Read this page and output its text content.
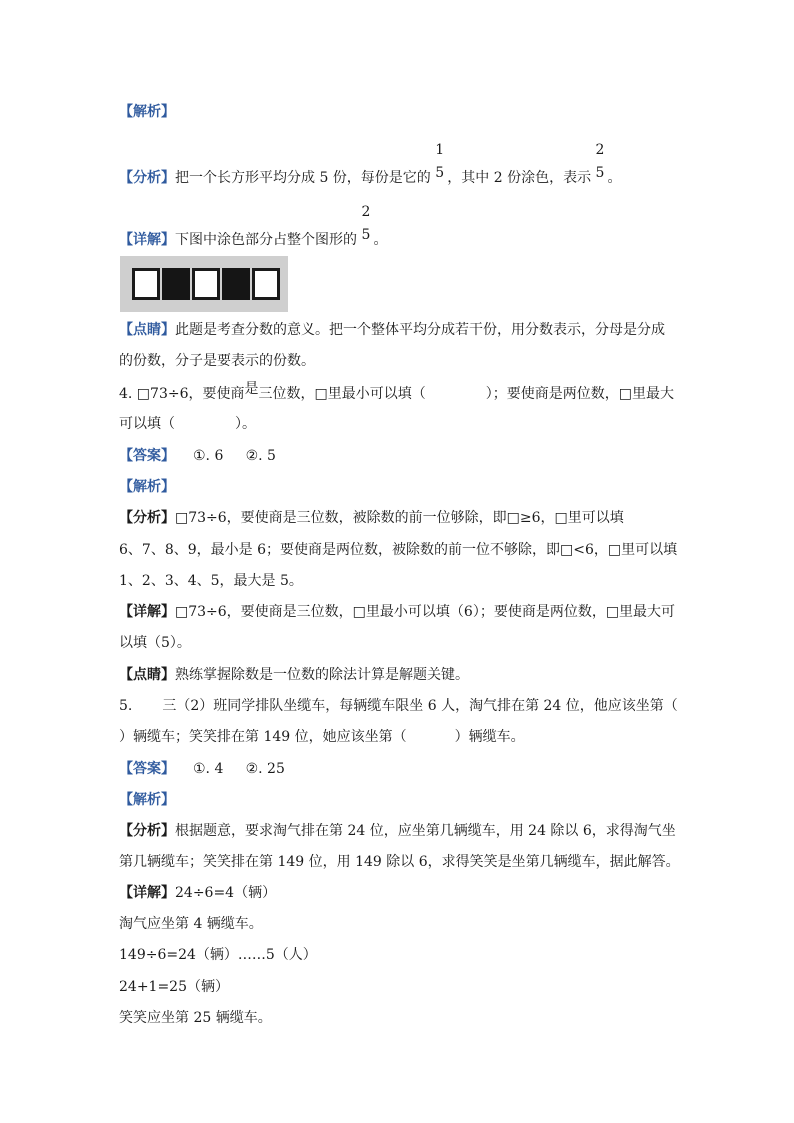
【解析】
【分析】把一个长方形平均分成 5 份，每份是它的
1
5 ，其中 2 份涂色，表示
2
5 。
【详解】下图中涂色部分占整个图形的
2
5 。
【点睛】此题是考查分数的意义。把一个整体平均分成若干份，用分数表示，分母是分成
的份数，分子是要表示的份数。
4. □73÷6，要使商是三位数，□里最小可以填（	）；要使商是两位数，□里最大
可以填（	）。
【答案】 ①. 6     ②. 5
【解析】
【分析】□73÷6，要使商是三位数，被除数的前一位够除，即□≥6，□里可以填
6、7、8、9，最小是 6；要使商是两位数，被除数的前一位不够除，即□<6，□里可以填
1、2、3、4、5，最大是 5。
【详解】□73÷6，要使商是三位数，□里最小可以填（6）；要使商是两位数，□里最大可
以填（5）。
【点睛】熟练掌握除数是一位数的除法计算是解题关键。
5. 三（2）班同学排队坐缆车，每辆缆车限坐 6 人，淘气排在第 24 位，他应该坐第（
）辆缆车；笑笑排在第 149 位，她应该坐第（	）辆缆车。
【答案】 ①. 4     ②. 25
【解析】
【分析】根据题意，要求淘气排在第 24 位，应坐第几辆缆车，用 24 除以 6，求得淘气坐
第几辆缆车；笑笑排在第 149 位，用 149 除以 6，求得笑笑是坐第几辆缆车，据此解答。
【详解】24÷6=4（辆）
淘气应坐第 4 辆缆车。
149÷6=24（辆）……5（人）
24+1=25（辆）
笑笑应坐第 25 辆缆车。
